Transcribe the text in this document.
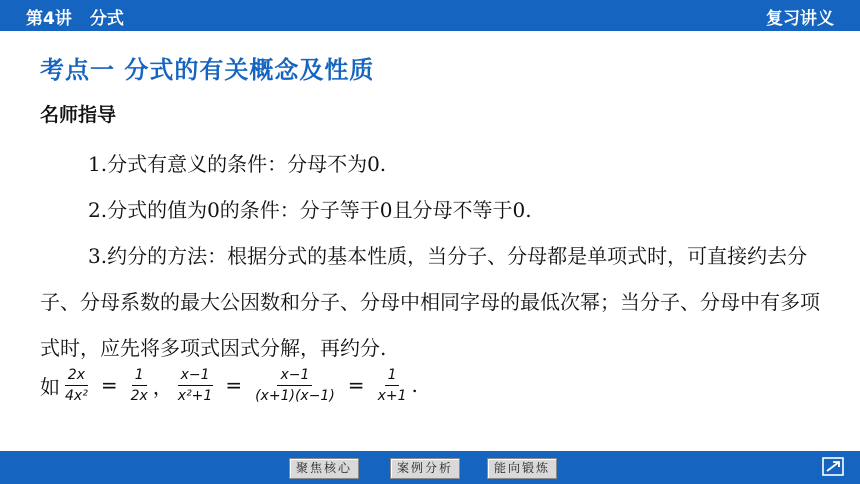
第4讲 分式	复习讲义
考点一 分式的有关概念及性质
名师指导
1.分式有意义的条件：分母不为0.
2.分式的值为0的条件：分子等于0且分母不等于0.
3.约分的方法：根据分式的基本性质，当分子、分母都是单项式时，可直接约去分子、分母系数的最大公因数和分子、分母中相同字母的最低次幂；当分子、分母中有多项式时，应先将多项式因式分解，再约分.
如 $\frac{2x}{\text{4x²}} = \frac{1}{2x}$ ， $\frac{x-1}{\text{x²+1}} = \frac{x-1}{(x+1)(x-1)} = \frac{1}{x+1}$ .
聚焦核心	案例分析	能向锻炼
